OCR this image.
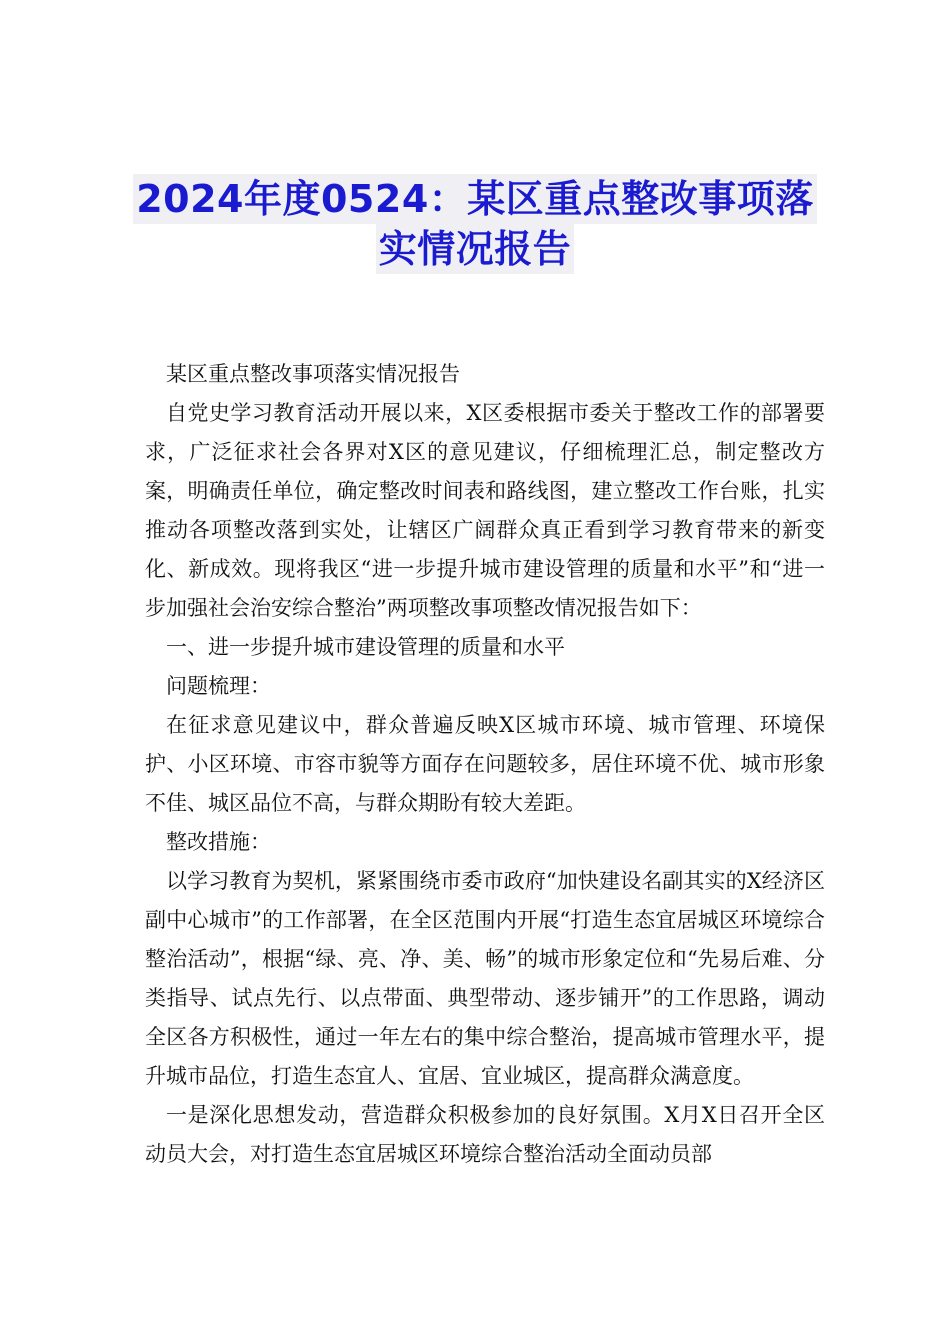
2024年度0524：某区重点整改事项落
实情况报告

某区重点整改事项落实情况报告

自党史学习教育活动开展以来，X区委根据市委关于整改工作的部署要求，广泛征求社会各界对X区的意见建议，仔细梳理汇总，制定整改方案，明确责任单位，确定整改时间表和路线图，建立整改工作台账，扎实推动各项整改落到实处，让辖区广阔群众真正看到学习教育带来的新变化、新成效。现将我区“进一步提升城市建设管理的质量和水平”和“进一步加强社会治安综合整治”两项整改事项整改情况报告如下：

一、进一步提升城市建设管理的质量和水平

问题梳理：

在征求意见建议中，群众普遍反映X区城市环境、城市管理、环境保护、小区环境、市容市貌等方面存在问题较多，居住环境不优、城市形象不佳、城区品位不高，与群众期盼有较大差距。

整改措施：

以学习教育为契机，紧紧围绕市委市政府“加快建设名副其实的X经济区副中心城市”的工作部署，在全区范围内开展“打造生态宜居城区环境综合整治活动”，根据“绿、亮、净、美、畅”的城市形象定位和“先易后难、分类指导、试点先行、以点带面、典型带动、逐步铺开”的工作思路，调动全区各方积极性，通过一年左右的集中综合整治，提高城市管理水平，提升城市品位，打造生态宜人、宜居、宜业城区，提高群众满意度。

一是深化思想发动，营造群众积极参加的良好氛围。X月X日召开全区动员大会，对打造生态宜居城区环境综合整治活动全面动员部
